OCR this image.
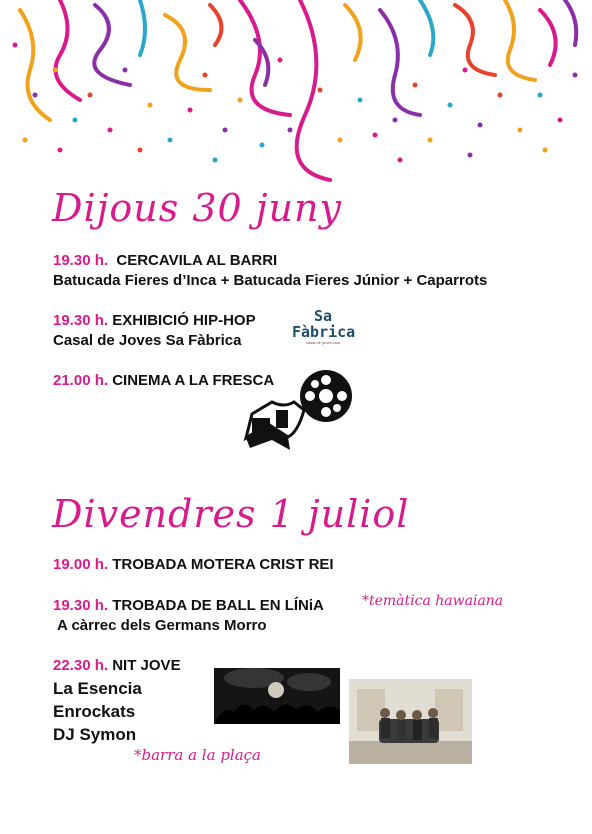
Dijous 30 juny
19.30 h. CERCAVILA AL BARRI
Batucada Fieres d’Inca + Batucada Fieres Júnior + Caparrots
19.30 h. EXHIBICIÓ HIP-HOP
Casal de Joves Sa Fàbrica
Sa
Fàbrica
casal de joves inca
21.00 h. CINEMA A LA FRESCA
Divendres 1 juliol
19.00 h. TROBADA MOTERA CRIST REI
19.30 h. TROBADA DE BALL EN LÍNiA	*temàtica hawaiana
A càrrec dels Germans Morro
22.30 h. NIT JOVE
La Esencia
Enrockats
DJ Symon
*barra a la plaça
